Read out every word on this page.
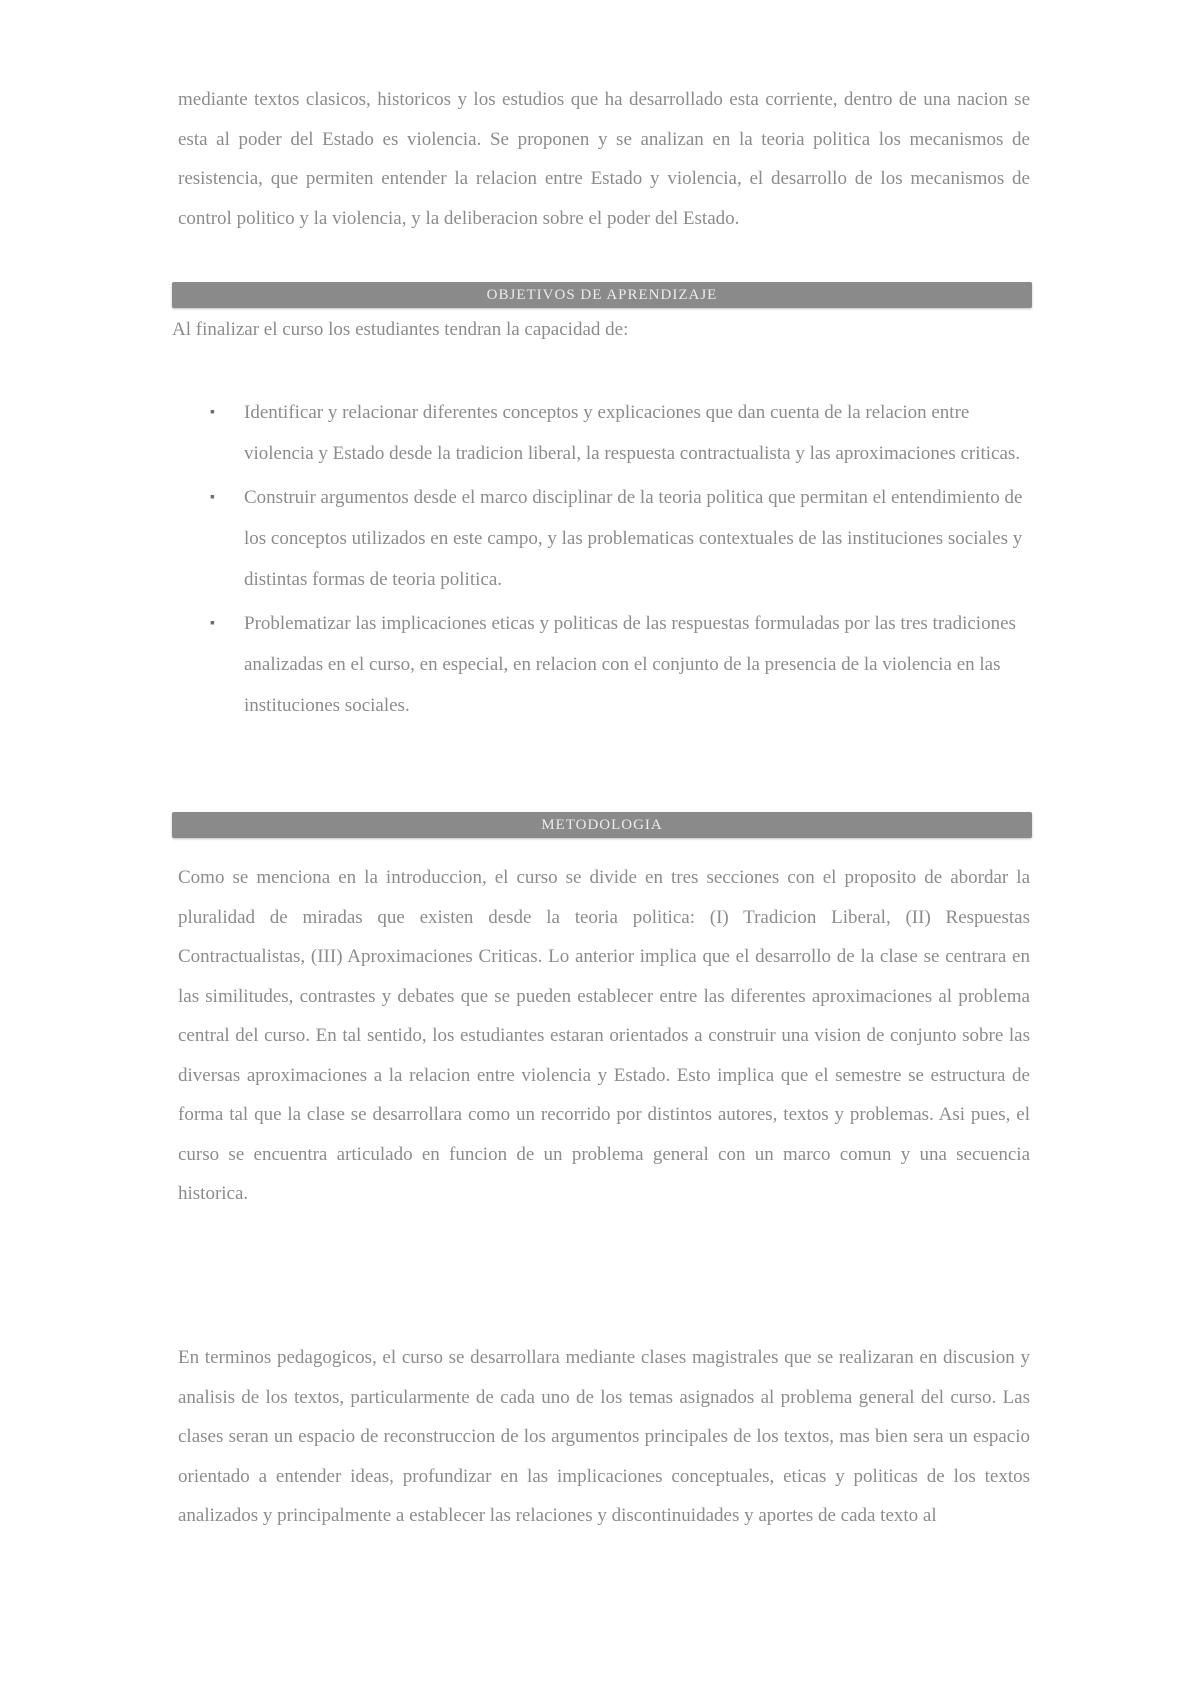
mediante textos clasicos, historicos y los estudios que ha desarrollado esta corriente, dentro de una nacion se esta al poder del Estado es violencia. Se proponen y se analizan en la teoria politica los mecanismos de resistencia, que permiten entender la relacion entre Estado y violencia, el desarrollo de los mecanismos de control politico y la violencia, y la deliberacion sobre el poder del Estado.

OBJETIVOS DE APRENDIZAJE

Al finalizar el curso los estudiantes tendran la capacidad de:

▪ Identificar y relacionar diferentes conceptos y explicaciones que dan cuenta de la relacion entre violencia y Estado desde la tradicion liberal, la respuesta contractualista y las aproximaciones criticas.
▪ Construir argumentos desde el marco disciplinar de la teoria politica que permitan el entendimiento de los conceptos utilizados en este campo, y las problematicas contextuales de las instituciones sociales y distintas formas de teoria politica.
▪ Problematizar las implicaciones eticas y politicas de las respuestas formuladas por las tres tradiciones analizadas en el curso, en especial, en relacion con el conjunto de la presencia de la violencia en las instituciones sociales.
METODOLOGIA

Como se menciona en la introduccion, el curso se divide en tres secciones con el proposito de abordar la pluralidad de miradas que existen desde la teoria politica: (I) Tradicion Liberal, (II) Respuestas Contractualistas, (III) Aproximaciones Criticas. Lo anterior implica que el desarrollo de la clase se centrara en las similitudes, contrastes y debates que se pueden establecer entre las diferentes aproximaciones al problema central del curso. En tal sentido, los estudiantes estaran orientados a construir una vision de conjunto sobre las diversas aproximaciones a la relacion entre violencia y Estado. Esto implica que el semestre se estructura de forma tal que la clase se desarrollara como un recorrido por distintos autores, textos y problemas. Asi pues, el curso se encuentra articulado en funcion de un problema general con un marco comun y una secuencia historica.

En terminos pedagogicos, el curso se desarrollara mediante clases magistrales que se realizaran en discusion y analisis de los textos, particularmente de cada uno de los temas asignados al problema general del curso. Las clases seran un espacio de reconstruccion de los argumentos principales de los textos, mas bien sera un espacio orientado a entender ideas, profundizar en las implicaciones conceptuales, eticas y politicas de los textos analizados y principalmente a establecer las relaciones y discontinuidades y aportes de cada texto al
